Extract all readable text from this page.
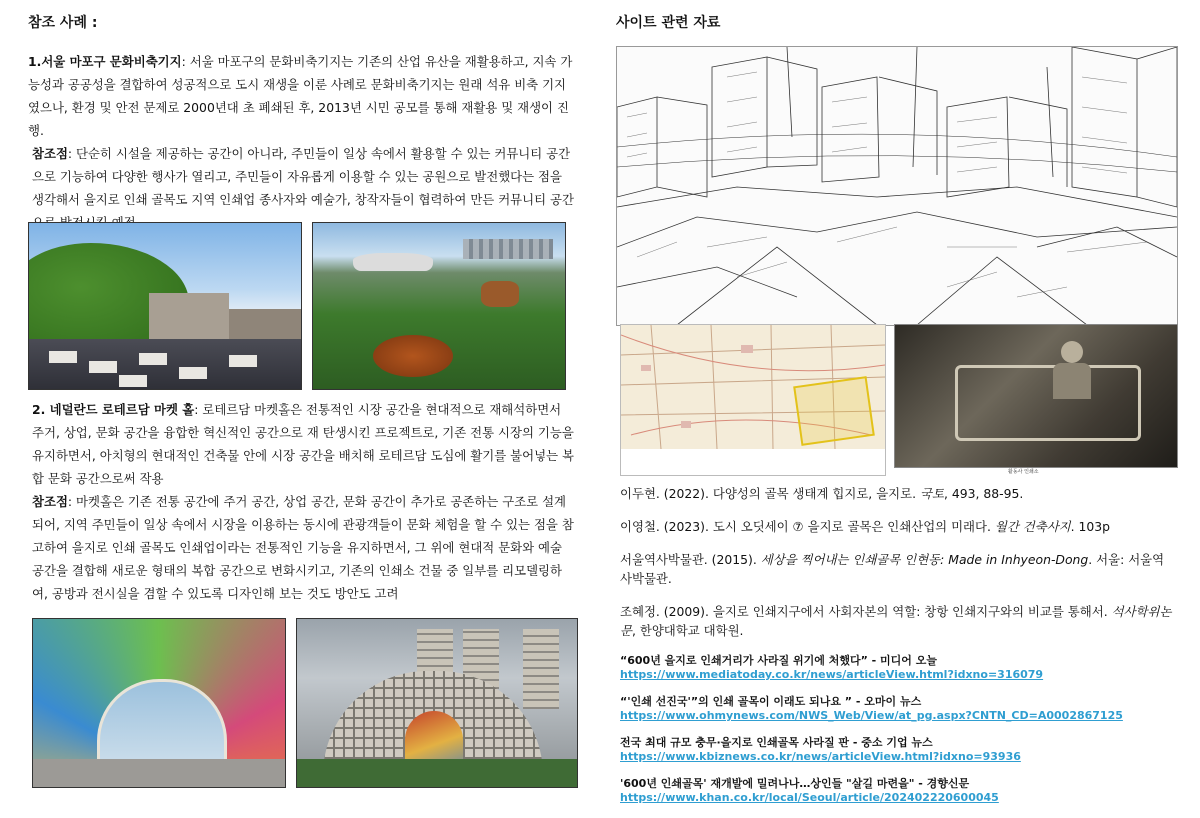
참조 사례 :

1.서울 마포구 문화비축기지: 서울 마포구의 문화비축기지는 기존의 산업 유산을 재활용하고, 지속 가능성과 공공성을 결합하여 성공적으로 도시 재생을 이룬 사례로 문화비축기지는 원래 석유 비축 기지였으나, 환경 및 안전 문제로 2000년대 초 폐쇄된 후, 2013년 시민 공모를 통해 재활용 및 재생이 진행.

참조점: 단순히 시설을 제공하는 공간이 아니라, 주민들이 일상 속에서 활용할 수 있는 커뮤니티 공간으로 기능하여 다양한 행사가 열리고, 주민들이 자유롭게 이용할 수 있는 공원으로 발전했다는 점을 생각해서 을지로 인쇄 골목도 지역 인쇄업 종사자와 예술가, 창작자들이 협력하여 만든 커뮤니티 공간

2. 네덜란드 로테르담 마켓 홀: 로테르담 마켓홀은 전통적인 시장 공간을 현대적으로 재해석하면서 주거, 상업, 문화 공간을 융합한 혁신적인 공간으로 재 탄생시킨 프로젝트로, 기존 전통 시장의 기능을 유지하면서, 아치형의 현대적인 건축물 안에 시장 공간을 배치해 로테르담 도심에 활기를 불어넣는 복합 문화 공간으로써 작용

참조점: 마켓홀은 기존 전통 공간에 주거 공간, 상업 공간, 문화 공간이 추가로 공존하는 구조로 설계되어, 지역 주민들이 일상 속에서 시장을 이용하는 동시에 관광객들이 문화 체험을 할 수 있는 점을 참고하여 을지로 인쇄 골목도 인쇄업이라는 전통적인 기능을 유지하면서, 그 위에 현대적 문화와 예술 공간을 결합해 새로운 형태의 복합 공간으로 변화시키고, 기존의 인쇄소 건물 중 일부를 리모델링하여, 공방과 전시실을 겸할 수 있도록 디자인해 보는 것도 방안도 고려

사이트 관련 자료
활동사 인쇄소

이두현. (2022). 다양성의 골목 생태계 힙지로, 을지로. 국토, 493, 88-95.

이영철. (2023). 도시 오딧세이 ⑦ 을지로 골목은 인쇄산업의 미래다. 월간 건축사지. 103p

서울역사박물관. (2015). 세상을 찍어내는 인쇄골목 인현동: Made in Inhyeon-Dong. 서울: 서울역사박물관.

조혜정. (2009). 을지로 인쇄지구에서 사회자본의 역할: 창항 인쇄지구와의 비교를 통해서. 석사학위논문, 한양대학교 대학원.

“600년 을지로 인쇄거리가 사라질 위기에 처했다” - 미디어 오늘
https://www.mediatoday.co.kr/news/articleView.html?idxno=316079
“'인쇄 선진국'”의 인쇄 골목이 이래도 되나요 ” - 오마이 뉴스
https://www.ohmynews.com/NWS_Web/View/at_pg.aspx?CNTN_CD=A0002867125
전국 최대 규모 충무·을지로 인쇄골목 사라질 판 - 중소 기업 뉴스
https://www.kbiznews.co.kr/news/articleView.html?idxno=93936
'600년 인쇄골목' 재개발에 밀려나나…상인들 "살길 마련을" - 경향신문
https://www.khan.co.kr/local/Seoul/article/202402220600045
